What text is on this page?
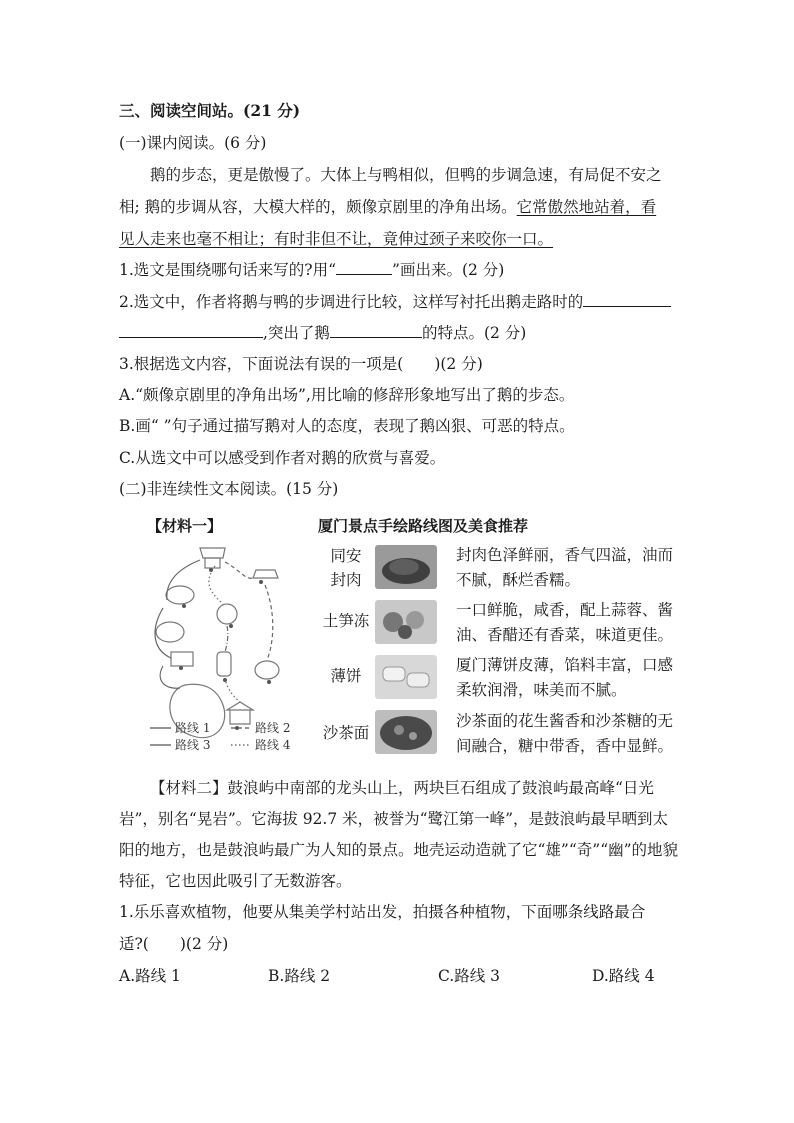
三、阅读空间站。(21 分)
(一)课内阅读。(6 分)
鹅的步态，更是傲慢了。大体上与鸭相似，但鸭的步调急速，有局促不安之
相; 鹅的步调从容，大模大样的，颇像京剧里的净角出场。它常傲然地站着，看
见人走来也毫不相让；有时非但不让，竟伸过颈子来咬你一口。
1.选文是围绕哪句话来写的?用“	”画出来。(2 分)
2.选文中，作者将鹅与鸭的步调进行比较，这样写衬托出鹅走路时的
,突出了鹅	的特点。(2 分)
3.根据选文内容，下面说法有误的一项是(　　)(2 分)
A.“颇像京剧里的净角出场”,用比喻的修辞形象地写出了鹅的步态。
B.画“ ”句子通过描写鹅对人的态度，表现了鹅凶狠、可恶的特点。
C.从选文中可以感受到作者对鹅的欣赏与喜爱。
(二)非连续性文本阅读。(15 分)
【材料一】	厦门景点手绘路线图及美食推荐
路线 1
路线 3
路线 2
路线 4
同安
封肉
封肉色泽鲜丽，香气四溢，油而不腻，酥烂香糯。
土笋冻
一口鲜脆，咸香，配上蒜蓉、酱油、香醋还有香菜，味道更佳。
薄饼
厦门薄饼皮薄，馅料丰富，口感柔软润滑，味美而不腻。
沙茶面
沙茶面的花生酱香和沙茶糖的无间融合，糖中带香，香中显鲜。
【材料二】鼓浪屿中南部的龙头山上，两块巨石组成了鼓浪屿最高峰“日光岩”，别名“晃岩”。它海拔 92.7 米，被誉为“鹭江第一峰”，是鼓浪屿最早晒到太阳的地方，也是鼓浪屿最广为人知的景点。地壳运动造就了它“雄”“奇”“幽”的地貌特征，它也因此吸引了无数游客。
1.乐乐喜欢植物，他要从集美学村站出发，拍摄各种植物，下面哪条线路最合
适?(　　)(2 分)
A.路线 1	B.路线 2	C.路线 3	D.路线 4
